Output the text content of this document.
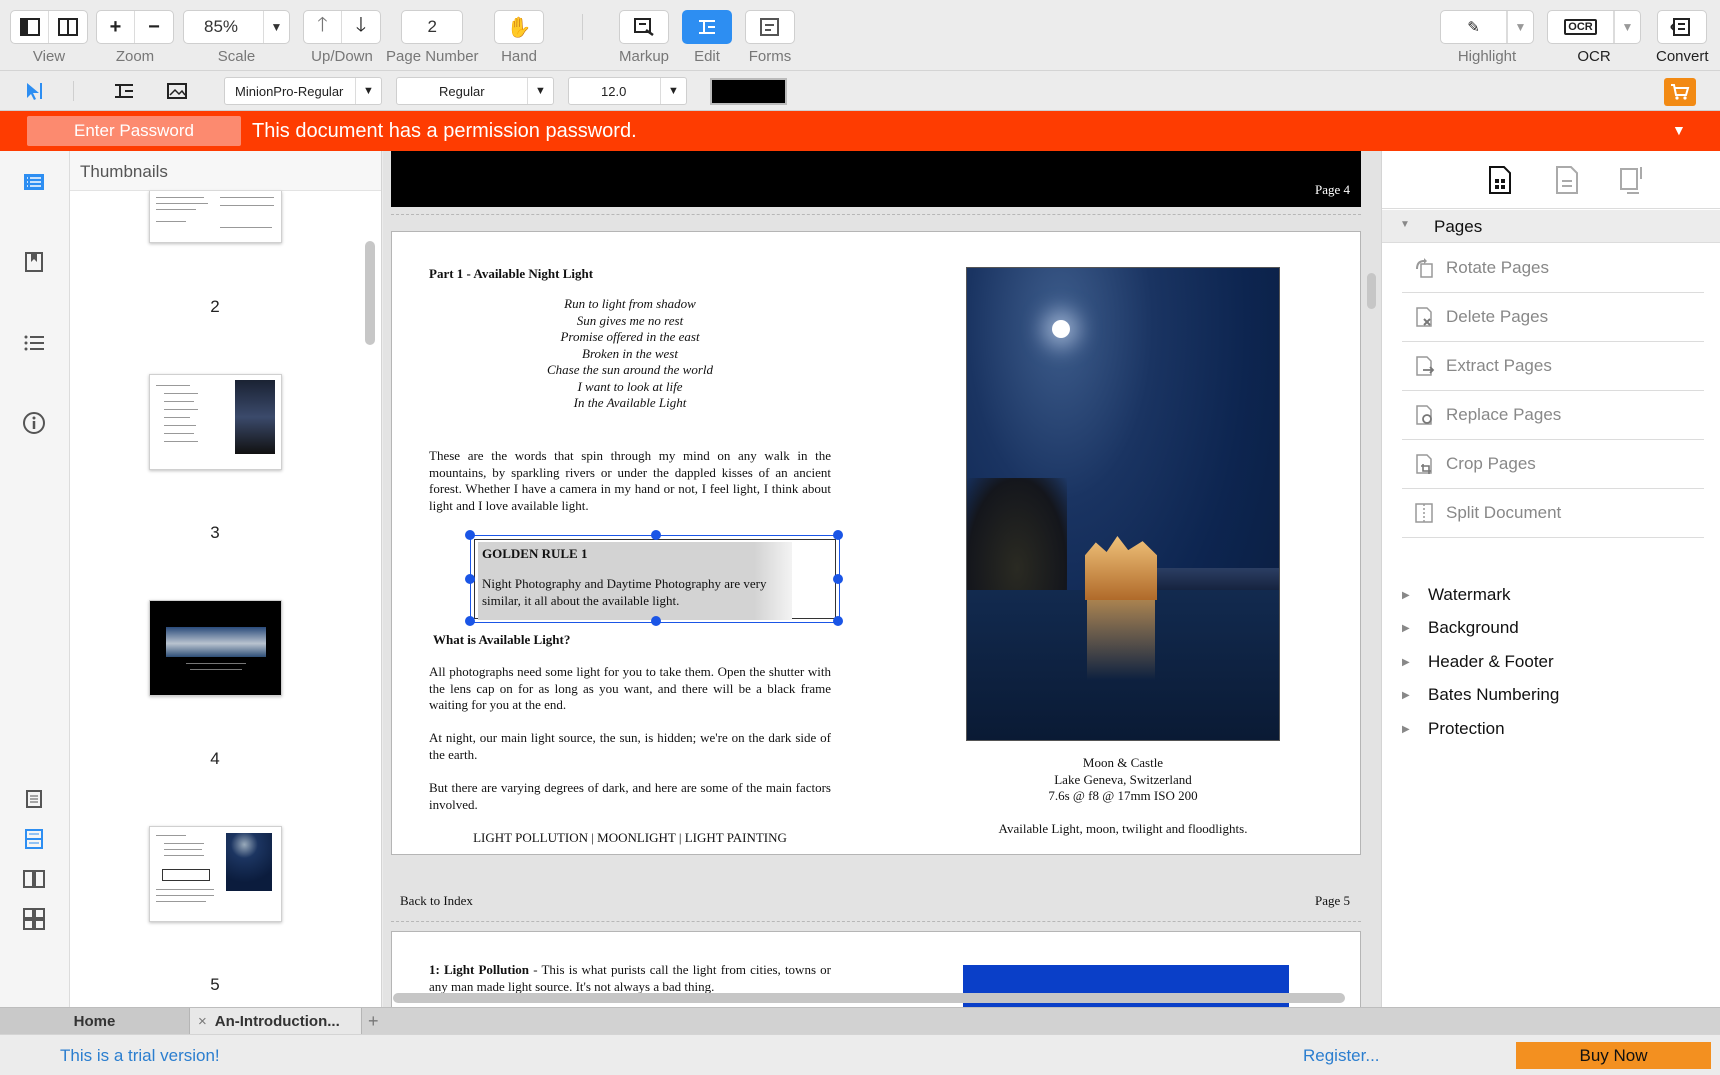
View
+ −
Zoom
85%	▼
Scale
🡑 🡓
Up/Down
2
Page Number
✋
Hand	Markup Edit Forms
✎	▼
Highlight
OCR	▼
OCR	Convert
MinionPro-Regular	▼	Regular	▼	12.0	▼
Enter Password	This document has a permission password.	▼
Thumbnails
2
3
4
5
Page 4
Part 1 - Available Night Light
Run to light from shadow
Sun gives me no rest
Promise offered in the east
Broken in the west
Chase the sun around the world
I want to look at life
In the Available Light
These are the words that spin through my mind on any walk in the mountains, by sparkling rivers or under the dappled kisses of an ancient forest. Whether I have a camera in my hand or not, I feel light, I think about light and I love available light.
GOLDEN RULE 1
Night Photography and Daytime Photography are very similar, it all about the available light.
What is Available Light?
All photographs need some light for you to take them. Open the shutter with the lens cap on for as long as you want, and there will be a black frame waiting for you at the end.
At night, our main light source, the sun, is hidden; we're on the dark side of the earth.
But there are varying degrees of dark, and here are some of the main factors involved.
LIGHT POLLUTION | MOONLIGHT | LIGHT PAINTING
Moon & Castle
Lake Geneva, Switzerland
7.6s @ f8 @ 17mm ISO 200
Available Light, moon, twilight and floodlights.
Back to Index	Page 5
1: Light Pollution - This is what purists call the light from cities, towns or any man made light source. It's not always a bad thing.
▼ Pages
Rotate Pages
Delete Pages
Extract Pages
Replace Pages
Crop Pages
Split Document
▶	Watermark
▶	Background
▶	Header & Footer
▶	Bates Numbering
▶	Protection
Home	× An-Introduction... +
This is a trial version!	Register...	Buy Now
